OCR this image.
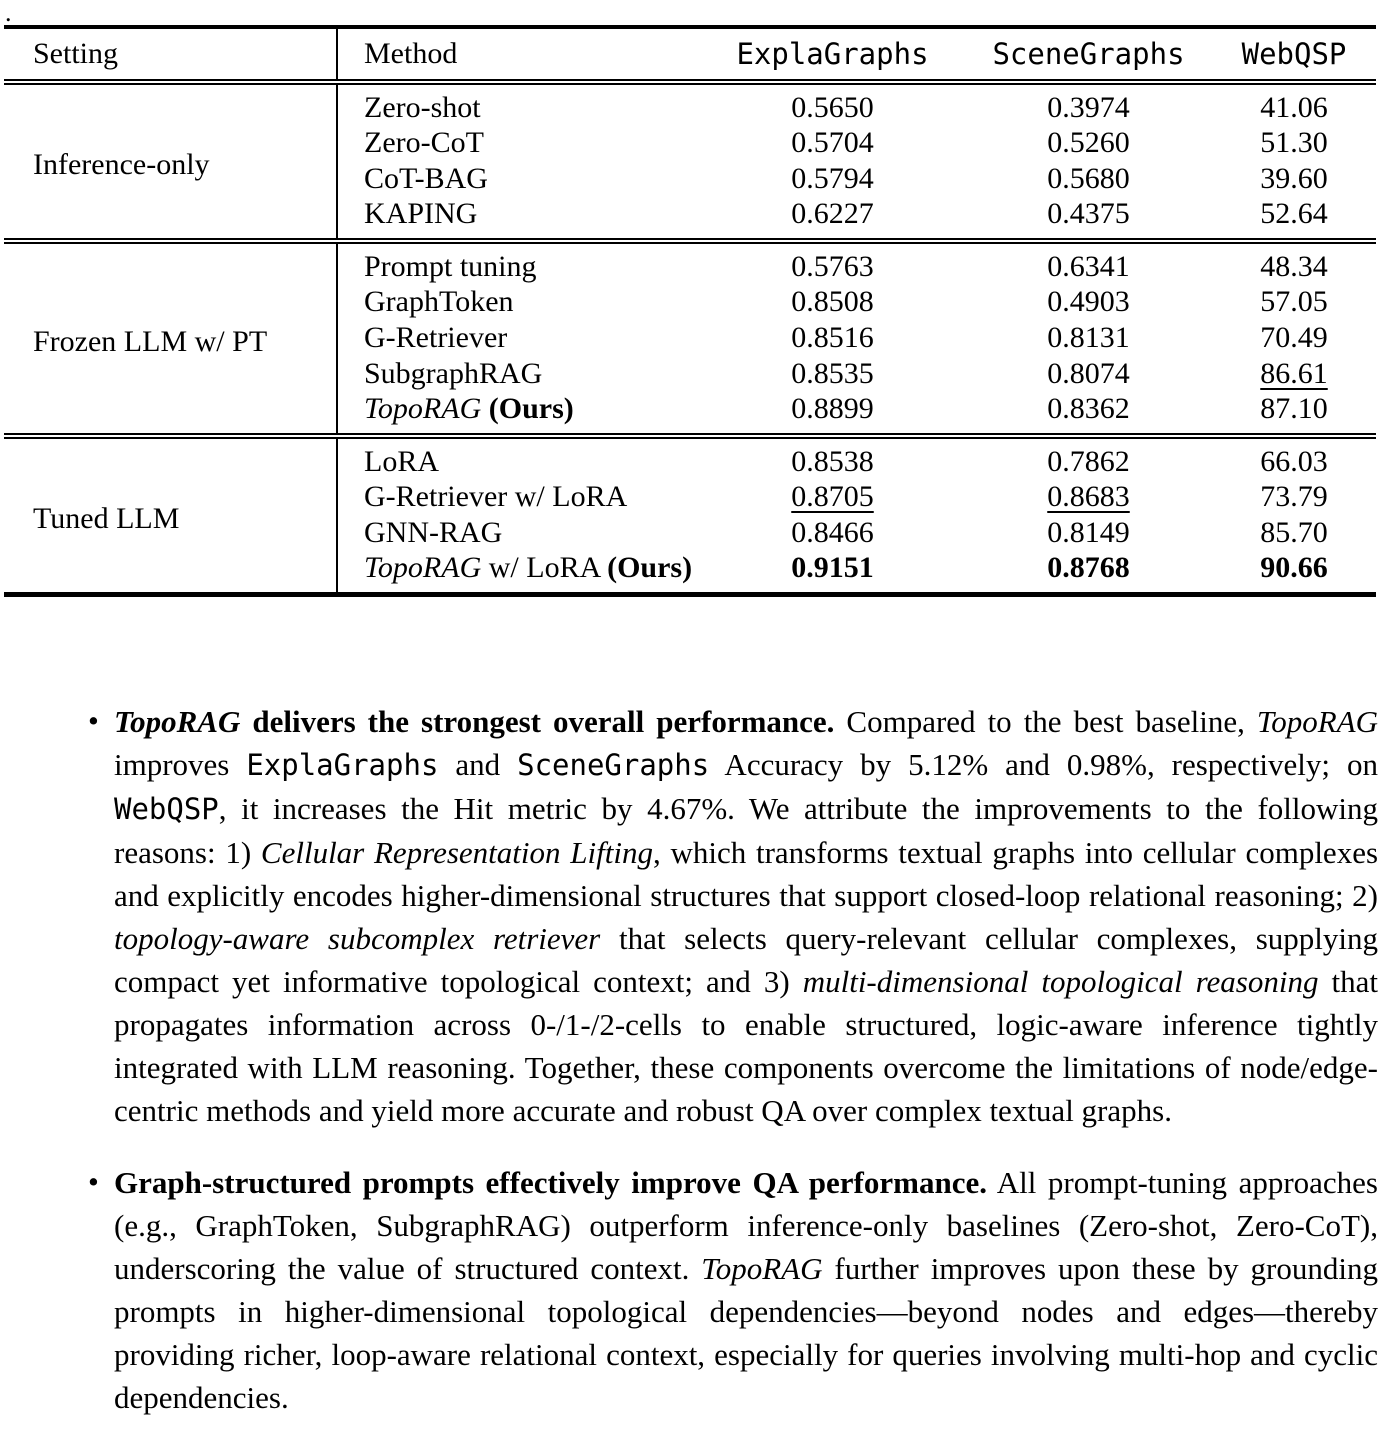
.
Setting	Method	ExplaGraphs	SceneGraphs	WebQSP
Inference-only	Zero-shot	0.5650	0.3974	41.06
	Zero-CoT	0.5704	0.5260	51.30
	CoT-BAG	0.5794	0.5680	39.60
	KAPING	0.6227	0.4375	52.64
Frozen LLM w/ PT	Prompt tuning	0.5763	0.6341	48.34
	GraphToken	0.8508	0.4903	57.05
	G-Retriever	0.8516	0.8131	70.49
	SubgraphRAG	0.8535	0.8074	86.61
	TopoRAG (Ours)	0.8899	0.8362	87.10
Tuned LLM	LoRA	0.8538	0.7862	66.03
	G-Retriever w/ LoRA	0.8705	0.8683	73.79
	GNN-RAG	0.8466	0.8149	85.70
	TopoRAG w/ LoRA (Ours)	0.9151	0.8768	90.66
• TopoRAG delivers the strongest overall performance. Compared to the best baseline, TopoRAG improves ExplaGraphs and SceneGraphs Accuracy by 5.12% and 0.98%, respectively; on WebQSP, it increases the Hit metric by 4.67%. We attribute the improvements to the following reasons: 1) Cellular Representation Lifting, which transforms textual graphs into cellular complexes and explicitly encodes higher-dimensional structures that support closed-loop relational reasoning; 2) topology-aware subcomplex retriever that selects query-relevant cellular complexes, supplying compact yet informative topological context; and 3) multi-dimensional topological reasoning that propagates information across 0-/1-/2-cells to enable structured, logic-aware inference tightly integrated with LLM reasoning. Together, these components overcome the limitations of node/edge-centric methods and yield more accurate and robust QA over complex textual graphs.
• Graph-structured prompts effectively improve QA performance. All prompt-tuning approaches (e.g., GraphToken, SubgraphRAG) outperform inference-only baselines (Zero-shot, Zero-CoT), underscoring the value of structured context. TopoRAG further improves upon these by grounding prompts in higher-dimensional topological dependencies—beyond nodes and edges—thereby providing richer, loop-aware relational context, especially for queries involving multi-hop and cyclic dependencies.
